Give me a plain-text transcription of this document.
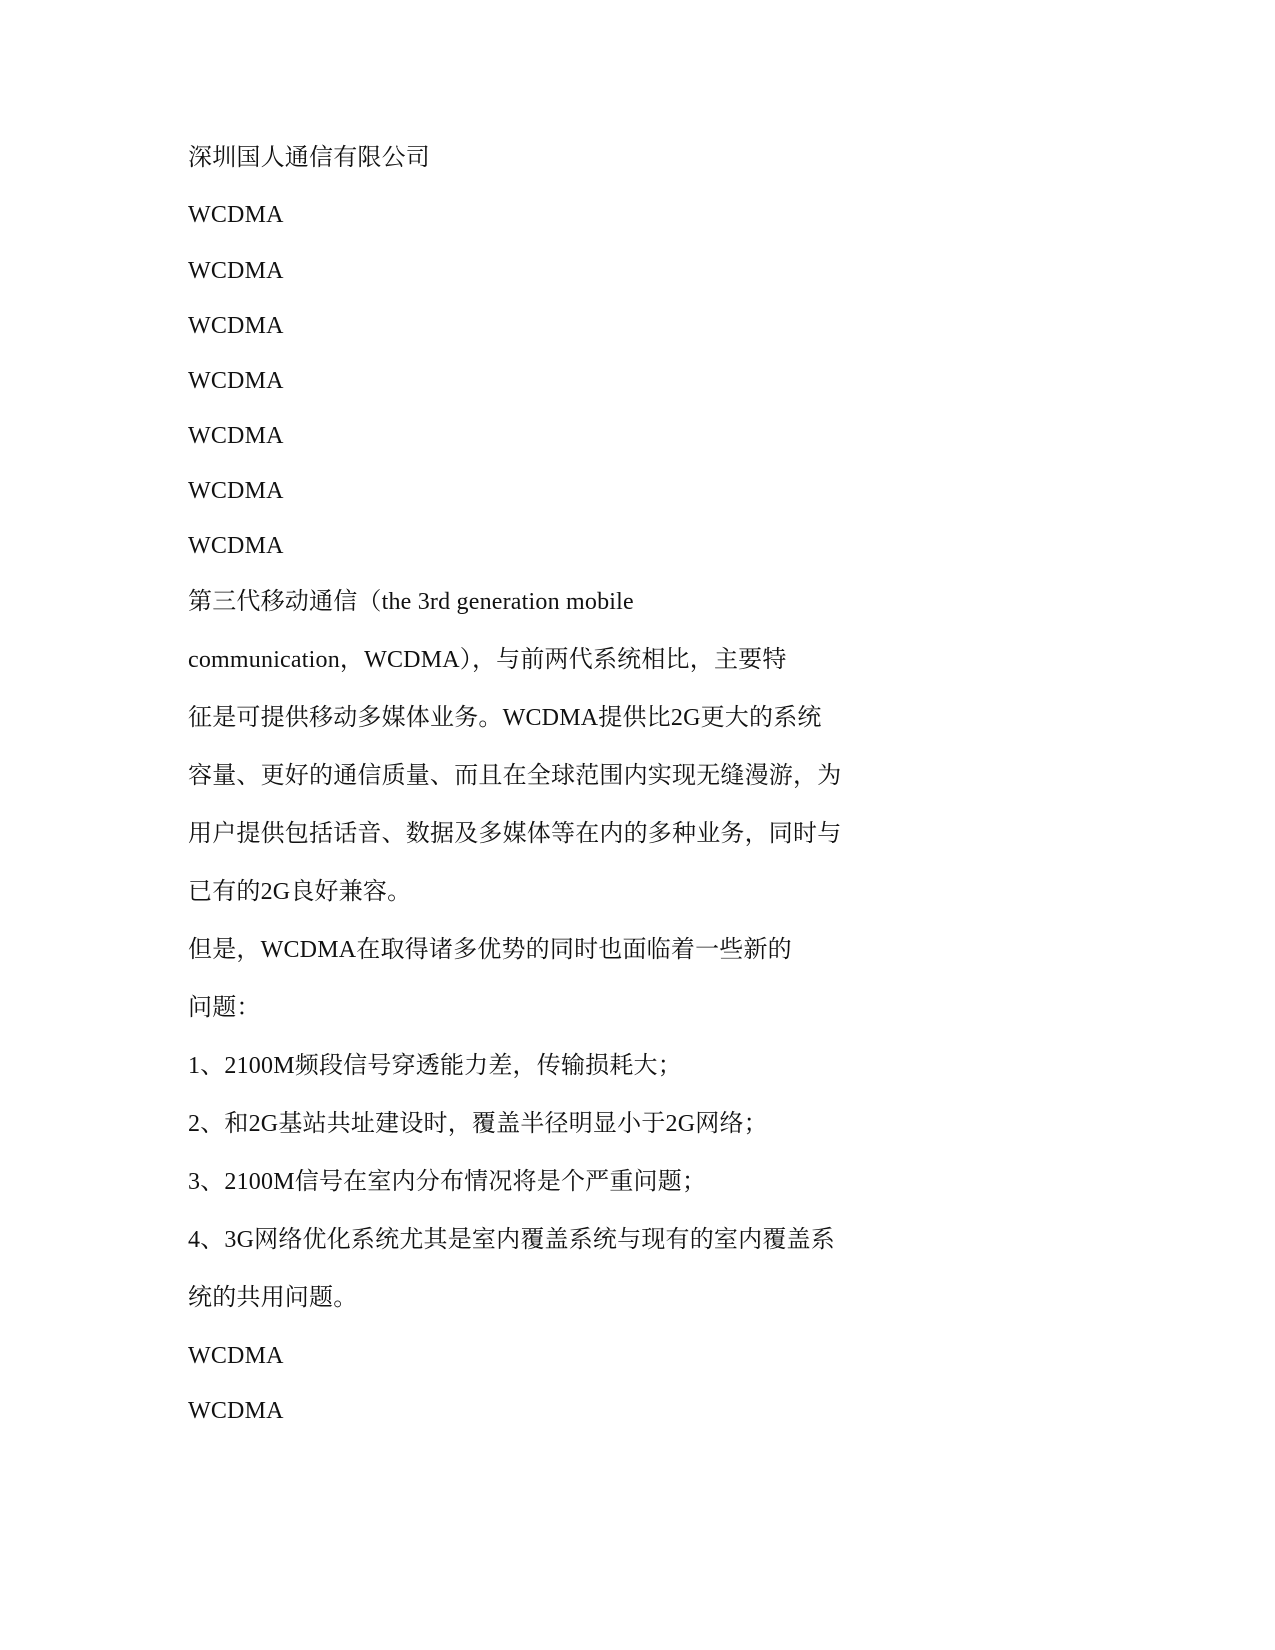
深圳国人通信有限公司
WCDMA
WCDMA
WCDMA
WCDMA
WCDMA
WCDMA
WCDMA
第三代移动通信（the 3rd generation mobile
communication，WCDMA），与前两代系统相比，主要特
征是可提供移动多媒体业务。WCDMA提供比2G更大的系统
容量、更好的通信质量、而且在全球范围内实现无缝漫游，为
用户提供包括话音、数据及多媒体等在内的多种业务，同时与
已有的2G良好兼容。
但是，WCDMA在取得诸多优势的同时也面临着一些新的
问题：
1、2100M频段信号穿透能力差，传输损耗大；
2、和2G基站共址建设时，覆盖半径明显小于2G网络；
3、2100M信号在室内分布情况将是个严重问题；
4、3G网络优化系统尤其是室内覆盖系统与现有的室内覆盖系
统的共用问题。
WCDMA
WCDMA
